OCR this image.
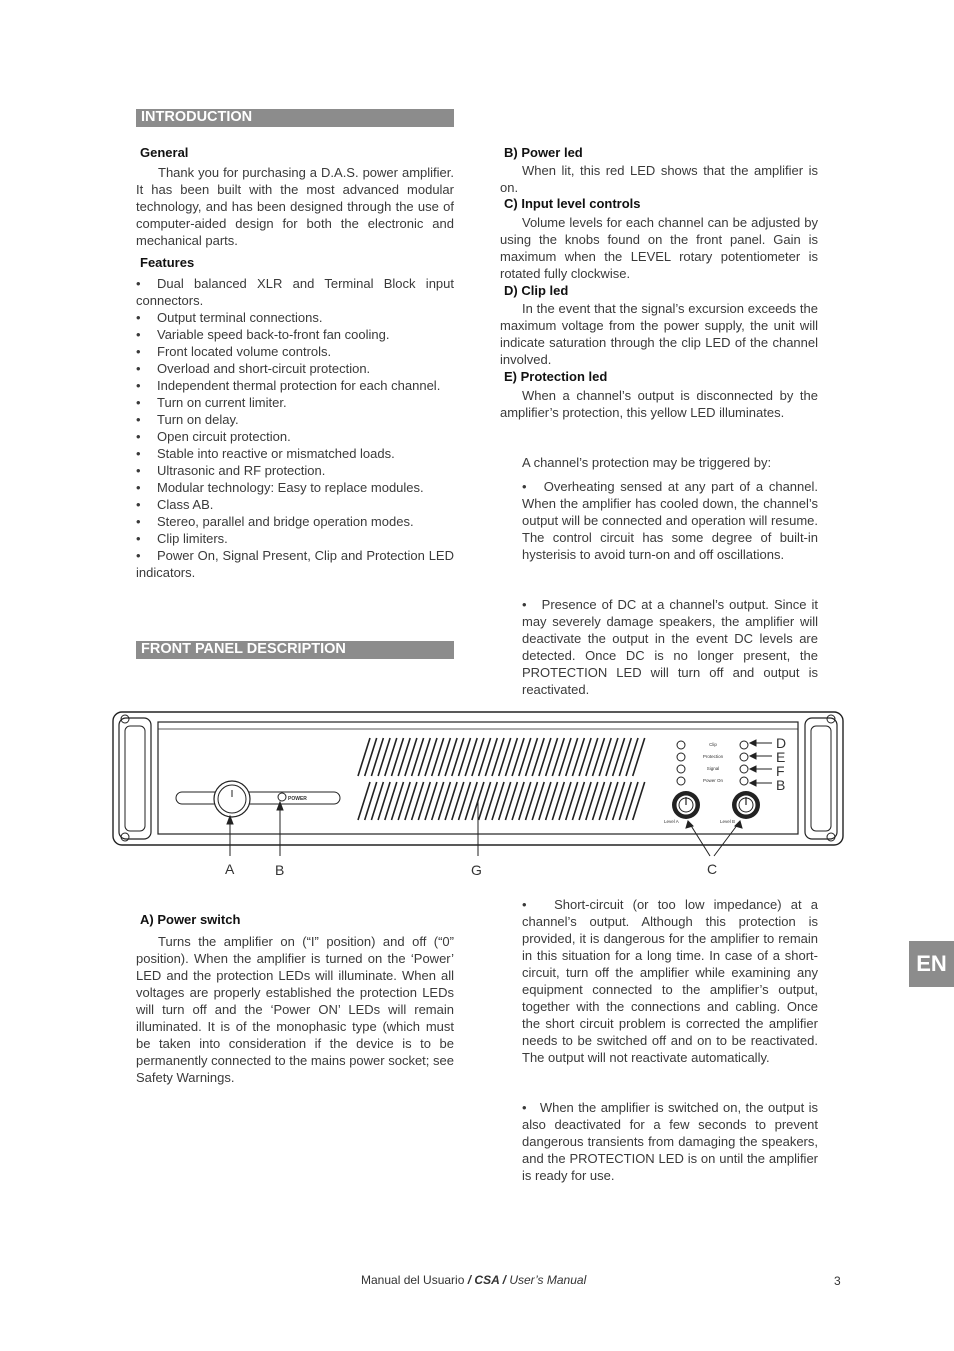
INTRODUCTION

General

Thank you for purchasing a D.A.S. power amplifier. It has been built with the most advanced modular technology, and has been designed through the use of computer-aided design for both the electronic and mechanical parts.

Features

• Dual balanced XLR and Terminal Block input connectors.
• Output terminal connections.
• Variable speed back-to-front fan cooling.
• Front located volume controls.
• Overload and short-circuit protection.
• Independent thermal protection for each channel.
• Turn on current limiter.
• Turn on delay.
• Open circuit protection.
• Stable into reactive or mismatched loads.
• Ultrasonic and RF protection.
• Modular technology: Easy to replace modules.
• Class AB.
• Stereo, parallel and bridge operation modes.
• Clip limiters.
• Power On, Signal Present, Clip and Protection LED indicators.
FRONT PANEL DESCRIPTION

B) Power led

When lit, this red LED shows that the amplifier is on.

C) Input level controls

Volume levels for each channel can be adjusted by using the knobs found on the front panel. Gain is maximum when the LEVEL rotary potentiometer is rotated fully clockwise.

D) Clip led

In the event that the signal’s excursion exceeds the maximum voltage from the power supply, the unit will indicate saturation through the clip LED of the channel involved.

E) Protection led

When a channel’s output is disconnected by the amplifier’s protection, this yellow LED illuminates.

A channel’s protection may be triggered by:

•   Overheating sensed at any part of a channel. When the amplifier has cooled down, the channel’s output will be connected and operation will resume. The control circuit has some degree of built-in hysterisis to avoid turn-on and off oscillations.

•   Presence of DC at a channel’s output. Since it may severely damage speakers, the amplifier will deactivate the output in the event DC levels are detected. Once DC is no longer present, the PROTECTION LED will turn off and output is reactivated.

POWER
Clip
Protection
Signal
Power On
Level A	Level B
D
E
F
B
A	B	G	C

A) Power switch

Turns the amplifier on (“I” position) and off (“0” position). When the amplifier is turned on the ‘Power’ LED and the protection LEDs will illuminate. When all voltages are properly established the protection LEDs will turn off and the ‘Power ON’ LEDs will remain illuminated. It is of the monophasic type (which must be taken into consideration if the device is to be permanently connected to the mains power socket; see Safety Warnings.

•   Short-circuit (or too low impedance) at a channel’s output. Although this protection is provided, it is dangerous for the amplifier to remain in this situation for a long time. In case of a short-circuit, turn off the amplifier while examining any equipment connected to the amplifier’s output, together with the connections and cabling. Once the short circuit problem is corrected the amplifier needs to be switched off and on to be reactivated. The output will not reactivate automatically.

•   When the amplifier is switched on, the output is also deactivated for a few seconds to prevent dangerous transients from damaging the speakers, and the PROTECTION LED is on until the amplifier is ready for use.

EN
Manual del Usuario / CSA / User’s Manual	3
